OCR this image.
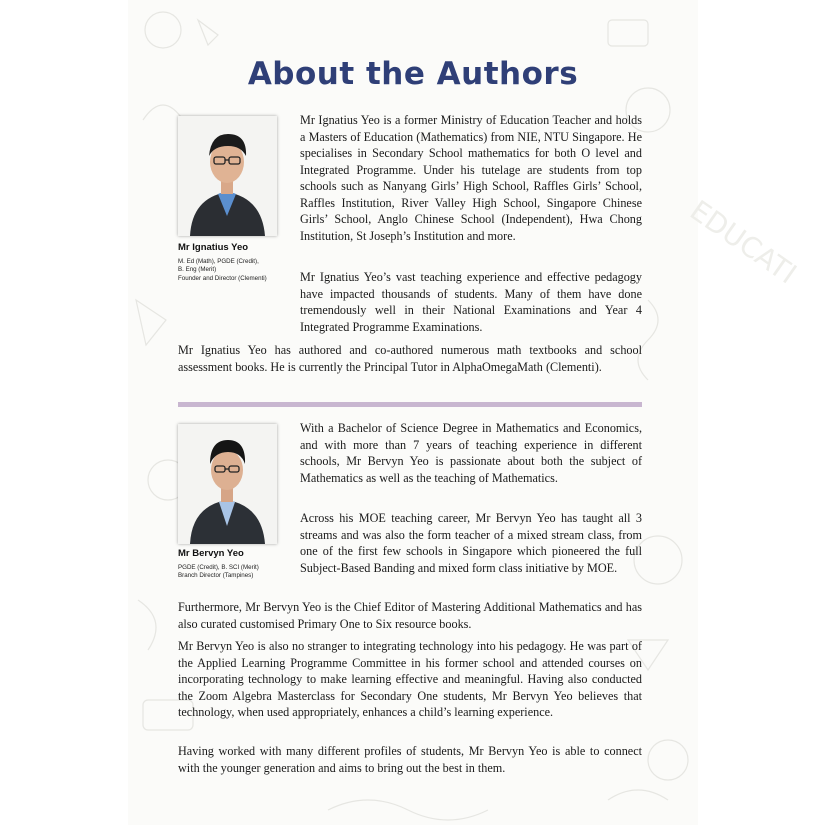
EDUCATI
About the Authors
Mr Ignatius Yeo
M. Ed (Math), PGDE (Credit),
B. Eng (Merit)
Founder and Director (Clementi)

Mr Ignatius Yeo is a former Ministry of Education Teacher and holds a Masters of Education (Mathematics) from NIE, NTU Singapore. He specialises in Secondary School mathematics for both O level and Integrated Programme. Under his tutelage are students from top schools such as Nanyang Girls’ High School, Raffles Girls’ School, Raffles Institution, River Valley High School, Singapore Chinese Girls’ School, Anglo Chinese School (Independent), Hwa Chong Institution, St Joseph’s Institution and more.

Mr Ignatius Yeo’s vast teaching experience and effective pedagogy have impacted thousands of students. Many of them have done tremendously well in their National Examinations and Year 4 Integrated Programme Examinations.

Mr Ignatius Yeo has authored and co-authored numerous math textbooks and school assessment books. He is currently the Principal Tutor in AlphaOmegaMath (Clementi).

Mr Bervyn Yeo
PGDE (Credit), B. SCI (Merit)
Branch Director (Tampines)

With a Bachelor of Science Degree in Mathematics and Economics, and with more than 7 years of teaching experience in different schools, Mr Bervyn Yeo is passionate about both the subject of Mathematics as well as the teaching of Mathematics.

Across his MOE teaching career, Mr Bervyn Yeo has taught all 3 streams and was also the form teacher of a mixed stream class, from one of the first few schools in Singapore which pioneered the full Subject-Based Banding and mixed form class initiative by MOE.

Furthermore, Mr Bervyn Yeo is the Chief Editor of Mastering Additional Mathematics and has also curated customised Primary One to Six resource books.

Mr Bervyn Yeo is also no stranger to integrating technology into his pedagogy. He was part of the Applied Learning Programme Committee in his former school and attended courses on incorporating technology to make learning effective and meaningful. Having also conducted the Zoom Algebra Masterclass for Secondary One students, Mr Bervyn Yeo believes that technology, when used appropriately, enhances a child’s learning experience.

Having worked with many different profiles of students, Mr Bervyn Yeo is able to connect with the younger generation and aims to bring out the best in them.
